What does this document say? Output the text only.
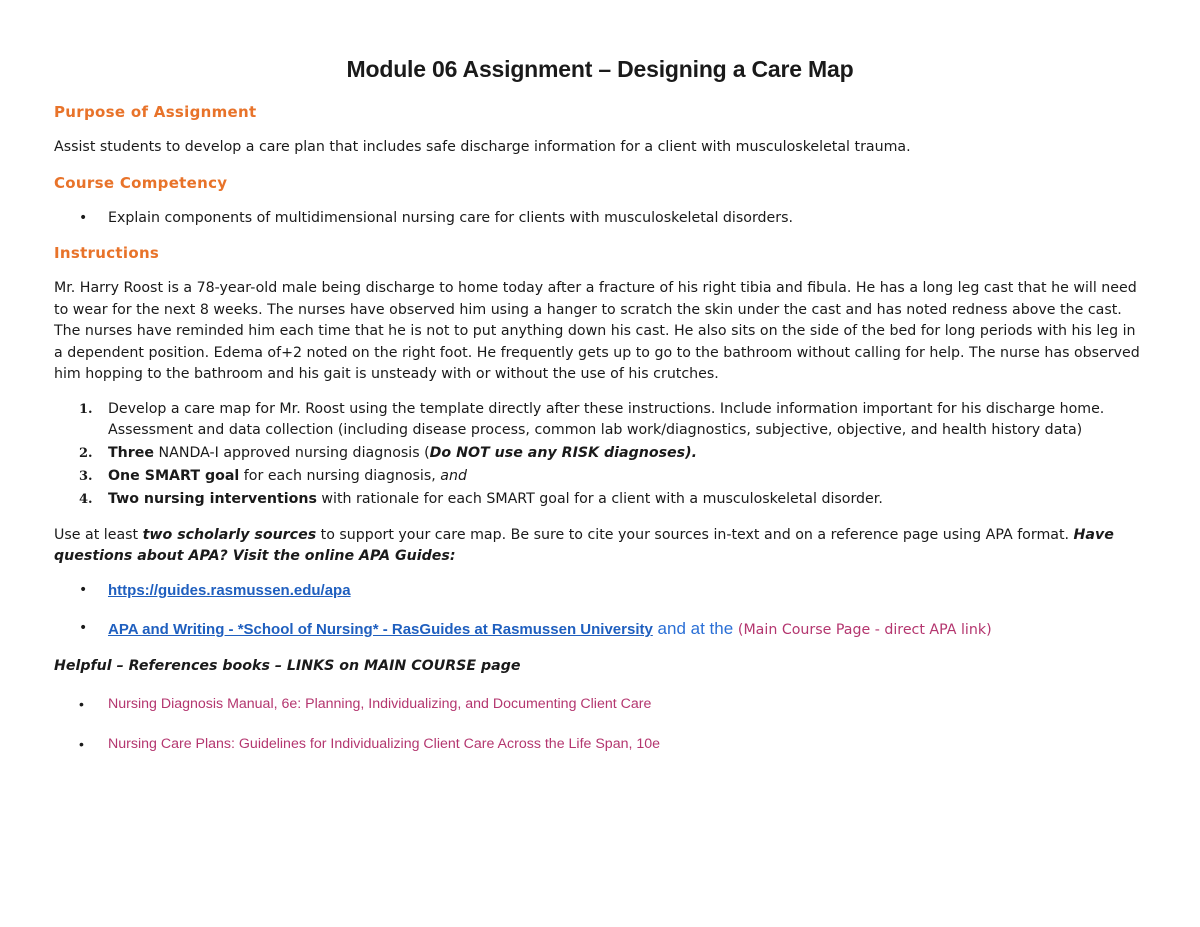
Module 06 Assignment – Designing a Care Map
Purpose of Assignment

Assist students to develop a care plan that includes safe discharge information for a client with musculoskeletal trauma.

Course Competency
• Explain components of multidimensional nursing care for clients with musculoskeletal disorders.
Instructions

Mr. Harry Roost is a 78-year-old male being discharge to home today after a fracture of his right tibia and fibula. He has a long leg cast that he will need to wear for the next 8 weeks. The nurses have observed him using a hanger to scratch the skin under the cast and has noted redness above the cast. The nurses have reminded him each time that he is not to put anything down his cast. He also sits on the side of the bed for long periods with his leg in a dependent position. Edema of+2 noted on the right foot. He frequently gets up to go to the bathroom without calling for help. The nurse has observed him hopping to the bathroom and his gait is unsteady with or without the use of his crutches.

1. Develop a care map for Mr. Roost using the template directly after these instructions. Include information important for his discharge home. Assessment and data collection (including disease process, common lab work/diagnostics, subjective, objective, and health history data)
2. Three NANDA-I approved nursing diagnosis (Do NOT use any RISK diagnoses).
3. One SMART goal for each nursing diagnosis, and
4. Two nursing interventions with rationale for each SMART goal for a client with a musculoskeletal disorder.

Use at least two scholarly sources to support your care map. Be sure to cite your sources in-text and on a reference page using APA format. Have questions about APA? Visit the online APA Guides:

• https://guides.rasmussen.edu/apa
• APA and Writing - *School of Nursing* - RasGuides at Rasmussen University and at the (Main Course Page - direct APA link)

Helpful – References books – LINKS on MAIN COURSE page

• Nursing Diagnosis Manual, 6e: Planning, Individualizing, and Documenting Client Care
• Nursing Care Plans: Guidelines for Individualizing Client Care Across the Life Span, 10e
